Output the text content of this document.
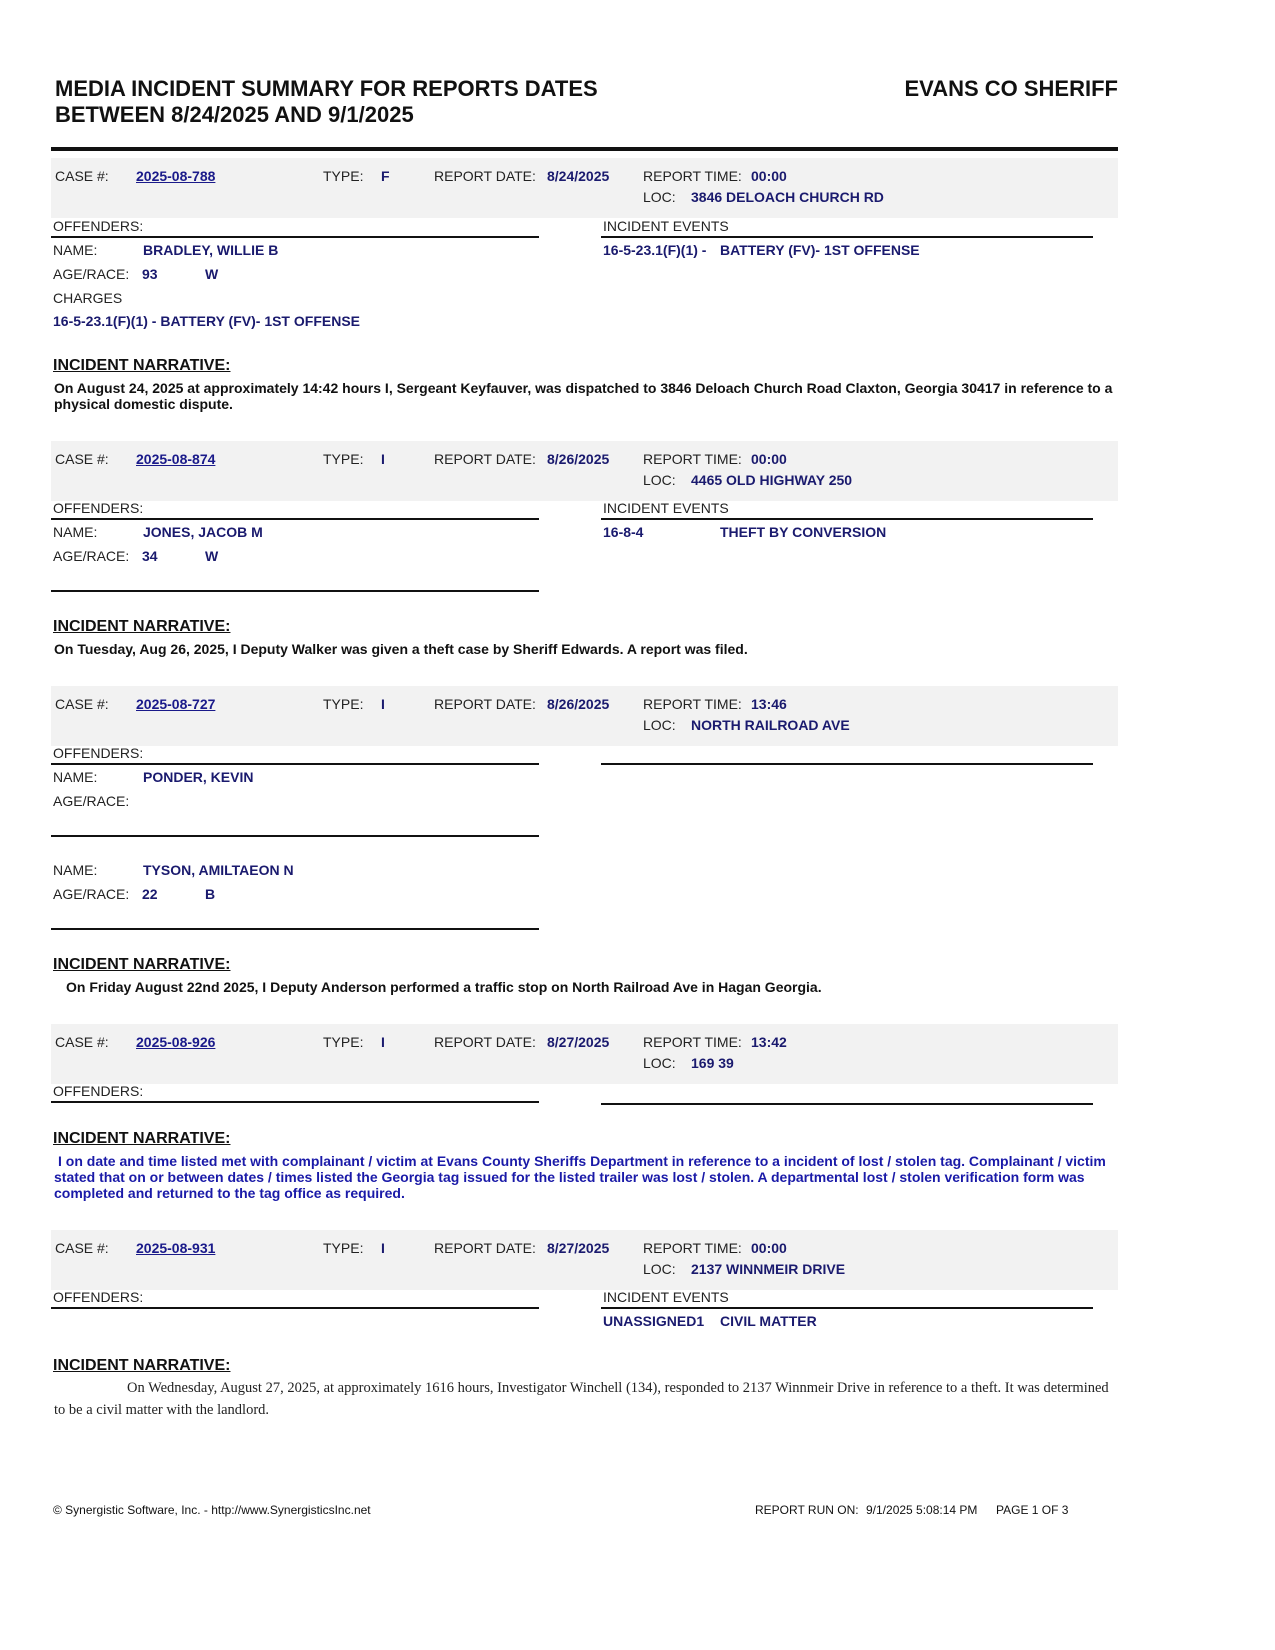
MEDIA INCIDENT SUMMARY FOR REPORTS DATES
BETWEEN 8/24/2025 AND 9/1/2025
EVANS CO SHERIFF
CASE #: 2025-08-788	TYPE: F	REPORT DATE: 8/24/2025 REPORT TIME: 00:00
LOC: 3846 DELOACH CHURCH RD
OFFENDERS:	INCIDENT EVENTS
NAME:	BRADLEY, WILLIE B
AGE/RACE: 93	W
CHARGES
16-5-23.1(F)(1) - BATTERY (FV)- 1ST OFFENSE
16-5-23.1(F)(1) - BATTERY (FV)- 1ST OFFENSE
INCIDENT NARRATIVE:
On August 24, 2025 at approximately 14:42 hours I, Sergeant Keyfauver, was dispatched to 3846 Deloach Church Road Claxton, Georgia 30417 in reference to a physical domestic dispute.
CASE #: 2025-08-874	TYPE: I	REPORT DATE: 8/26/2025 REPORT TIME: 00:00
LOC: 4465 OLD HIGHWAY 250
OFFENDERS:	INCIDENT EVENTS
NAME:	JONES, JACOB M
AGE/RACE: 34	W
16-8-4	THEFT BY CONVERSION
INCIDENT NARRATIVE:
On Tuesday, Aug 26, 2025, I Deputy Walker was given a theft case by Sheriff Edwards. A report was filed.
CASE #: 2025-08-727	TYPE: I	REPORT DATE: 8/26/2025 REPORT TIME: 13:46
LOC: NORTH RAILROAD AVE
OFFENDERS:
NAME:	PONDER, KEVIN
AGE/RACE:
NAME:	TYSON, AMILTAEON N
AGE/RACE: 22	B
INCIDENT NARRATIVE:
On Friday August 22nd 2025, I Deputy Anderson performed a traffic stop on North Railroad Ave in Hagan Georgia.
CASE #: 2025-08-926	TYPE: I	REPORT DATE: 8/27/2025 REPORT TIME: 13:42
LOC: 169 39
OFFENDERS:
INCIDENT NARRATIVE:
I on date and time listed met with complainant / victim at Evans County Sheriffs Department in reference to a incident of lost / stolen tag. Complainant / victim stated that on or between dates / times listed the Georgia tag issued for the listed trailer was lost / stolen. A departmental lost / stolen verification form was completed and returned to the tag office as required.
CASE #: 2025-08-931	TYPE: I	REPORT DATE: 8/27/2025 REPORT TIME: 00:00
LOC: 2137 WINNMEIR DRIVE
OFFENDERS:	INCIDENT EVENTS
UNASSIGNED1 CIVIL MATTER
INCIDENT NARRATIVE:
On Wednesday, August 27, 2025, at approximately 1616 hours, Investigator Winchell (134), responded to 2137 Winnmeir Drive in reference to a theft. It was determined to be a civil matter with the landlord.
© Synergistic Software, Inc. - http://www.SynergisticsInc.net	REPORT RUN ON: 9/1/2025 5:08:14 PM PAGE 1 OF 3
